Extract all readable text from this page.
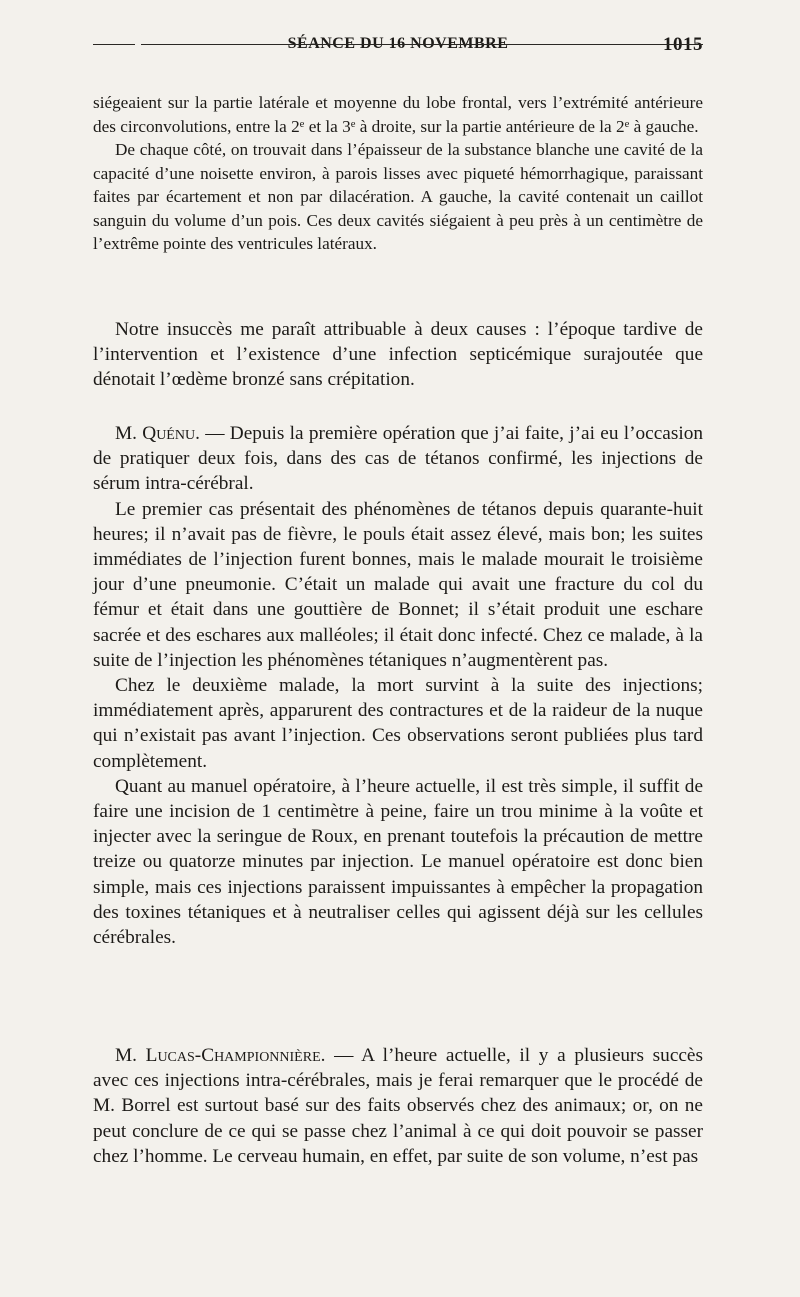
SÉANCE DU 16 NOVEMBRE	1015

siégeaient sur la partie latérale et moyenne du lobe frontal, vers l’extrémité antérieure des circonvolutions, entre la 2e et la 3e à droite, sur la partie antérieure de la 2e à gauche.

De chaque côté, on trouvait dans l’épaisseur de la substance blanche une cavité de la capacité d’une noisette environ, à parois lisses avec piqueté hémorrhagique, paraissant faites par écartement et non par dilacération. A gauche, la cavité contenait un caillot sanguin du volume d’un pois. Ces deux cavités siégaient à peu près à un centimètre de l’extrême pointe des ventricules latéraux.

Notre insuccès me paraît attribuable à deux causes : l’époque tardive de l’intervention et l’existence d’une infection septicémique surajoutée que dénotait l’œdème bronzé sans crépitation.

M. Quénu. — Depuis la première opération que j’ai faite, j’ai eu l’occasion de pratiquer deux fois, dans des cas de tétanos confirmé, les injections de sérum intra-cérébral.

Le premier cas présentait des phénomènes de tétanos depuis quarante-huit heures; il n’avait pas de fièvre, le pouls était assez élevé, mais bon; les suites immédiates de l’injection furent bonnes, mais le malade mourait le troisième jour d’une pneumonie. C’était un malade qui avait une fracture du col du fémur et était dans une gouttière de Bonnet; il s’était produit une eschare sacrée et des eschares aux malléoles; il était donc infecté. Chez ce malade, à la suite de l’injection les phénomènes tétaniques n’augmentèrent pas.

Chez le deuxième malade, la mort survint à la suite des injections; immédiatement après, apparurent des contractures et de la raideur de la nuque qui n’existait pas avant l’injection. Ces observations seront publiées plus tard complètement.

Quant au manuel opératoire, à l’heure actuelle, il est très simple, il suffit de faire une incision de 1 centimètre à peine, faire un trou minime à la voûte et injecter avec la seringue de Roux, en prenant toutefois la précaution de mettre treize ou quatorze minutes par injection. Le manuel opératoire est donc bien simple, mais ces injections paraissent impuissantes à empêcher la propagation des toxines tétaniques et à neutraliser celles qui agissent déjà sur les cellules cérébrales.

M. Lucas-Championnière. — A l’heure actuelle, il y a plusieurs succès avec ces injections intra-cérébrales, mais je ferai remarquer que le procédé de M. Borrel est surtout basé sur des faits observés chez des animaux; or, on ne peut conclure de ce qui se passe chez l’animal à ce qui doit pouvoir se passer chez l’homme. Le cerveau humain, en effet, par suite de son volume, n’est pas
